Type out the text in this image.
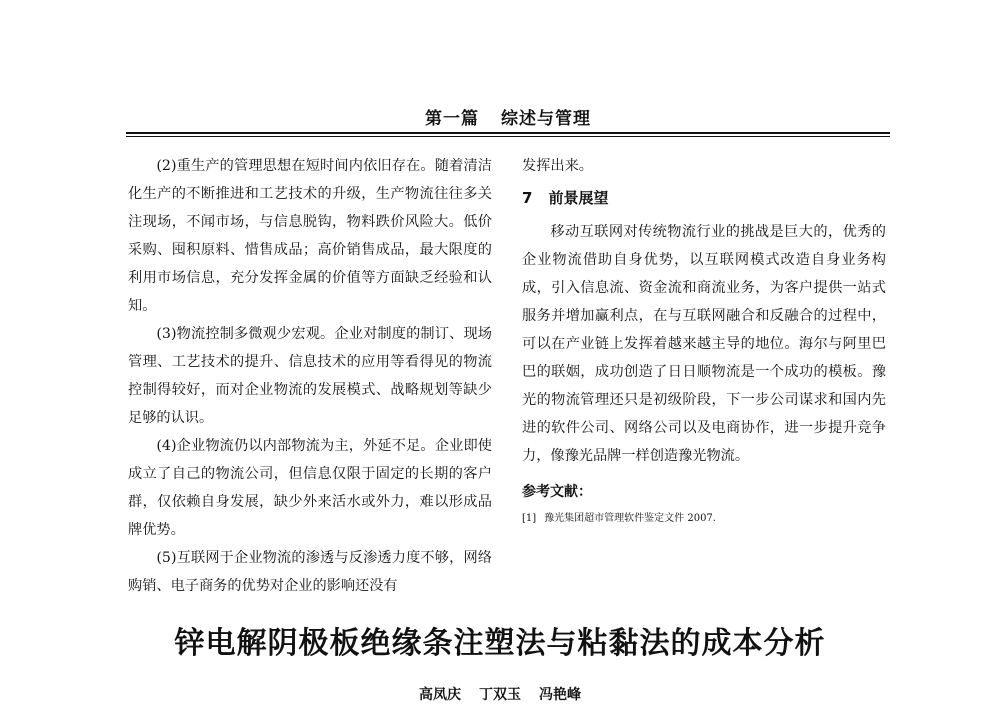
第一篇 综述与管理

(2)重生产的管理思想在短时间内依旧存在。随着清洁化生产的不断推进和工艺技术的升级，生产物流往往多关注现场，不闻市场，与信息脱钩，物料跌价风险大。低价采购、囤积原料、惜售成品；高价销售成品，最大限度的利用市场信息，充分发挥金属的价值等方面缺乏经验和认知。

(3)物流控制多微观少宏观。企业对制度的制订、现场管理、工艺技术的提升、信息技术的应用等看得见的物流控制得较好，而对企业物流的发展模式、战略规划等缺少足够的认识。

(4)企业物流仍以内部物流为主，外延不足。企业即使成立了自己的物流公司，但信息仅限于固定的长期的客户群，仅依赖自身发展，缺少外来活水或外力，难以形成品牌优势。

(5)互联网于企业物流的渗透与反渗透力度不够，网络购销、电子商务的优势对企业的影响还没有

发挥出来。

7 前景展望

移动互联网对传统物流行业的挑战是巨大的，优秀的企业物流借助自身优势，以互联网模式改造自身业务构成，引入信息流、资金流和商流业务，为客户提供一站式服务并增加赢利点，在与互联网融合和反融合的过程中，可以在产业链上发挥着越来越主导的地位。海尔与阿里巴巴的联姻，成功创造了日日顺物流是一个成功的模板。豫光的物流管理还只是初级阶段，下一步公司谋求和国内先进的软件公司、网络公司以及电商协作，进一步提升竞争力，像豫光品牌一样创造豫光物流。

参考文献：
[1] 豫光集团超市管理软件鉴定文件 2007.
锌电解阴极板绝缘条注塑法与粘黏法的成本分析
高凤庆 丁双玉 冯艳峰
